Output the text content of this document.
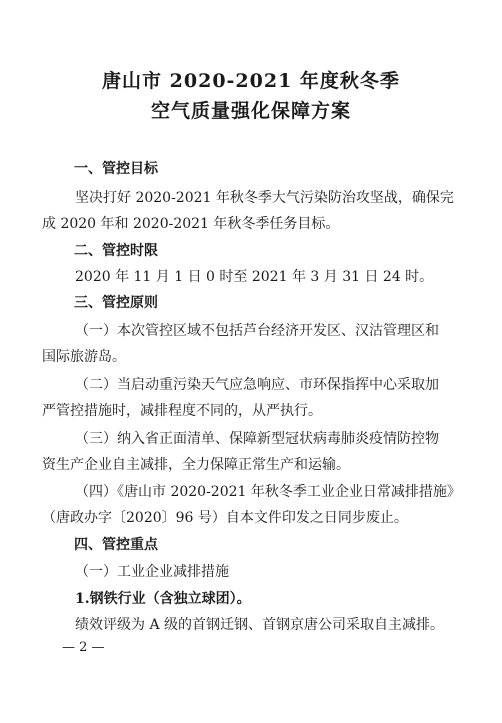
唐山市 2020-2021 年度秋冬季
空气质量强化保障方案
一、管控目标
坚决打好 2020-2021 年秋冬季大气污染防治攻坚战，确保完
成 2020 年和 2020-2021 年秋冬季任务目标。
二、管控时限
2020 年 11 月 1 日 0 时至 2021 年 3 月 31 日 24 时。
三、管控原则
（一）本次管控区域不包括芦台经济开发区、汉沽管理区和
国际旅游岛。
（二）当启动重污染天气应急响应、市环保指挥中心采取加
严管控措施时，减排程度不同的，从严执行。
（三）纳入省正面清单、保障新型冠状病毒肺炎疫情防控物
资生产企业自主减排，全力保障正常生产和运输。
（四）《唐山市 2020-2021 年秋冬季工业企业日常减排措施》
（唐政办字〔2020〕96 号）自本文件印发之日同步废止。
四、管控重点
（一）工业企业减排措施
1.钢铁行业（含独立球团）。
绩效评级为 A 级的首钢迁钢、首钢京唐公司采取自主减排。
— 2 —
